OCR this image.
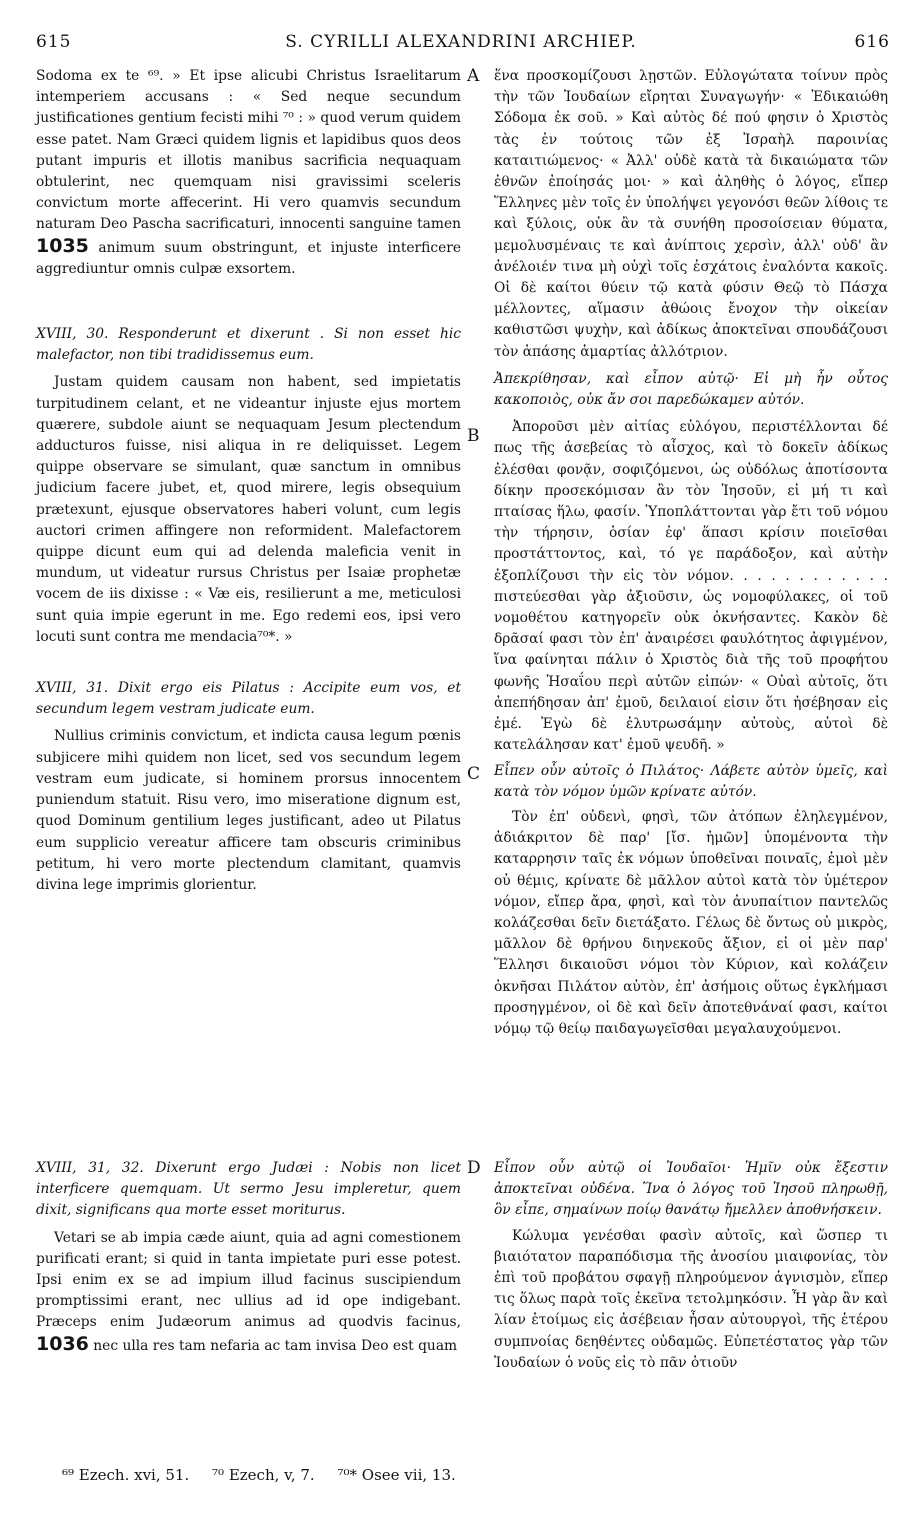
615	S. CYRILLI ALEXANDRINI ARCHIEP.	616
A
B
C
D

Sodoma ex te ⁶⁹. » Et ipse alicubi Christus Israelitarum intemperiem accusans : « Sed neque secundum justificationes gentium fecisti mihi ⁷⁰ : » quod verum quidem esse patet. Nam Græci quidem lignis et lapidibus quos deos putant impuris et illotis manibus sacrificia nequaquam obtulerint, nec quemquam nisi gravissimi sceleris convictum morte affecerint. Hi vero quamvis secundum naturam Deo Pascha sacrificaturi, innocenti sanguine tamen 1035 animum suum obstringunt, et injuste interficere aggrediuntur omnis culpæ exsortem.

XVIII, 30. Responderunt et dixerunt . Si non esset hic malefactor, non tibi tradidissemus eum.

Justam quidem causam non habent, sed impietatis turpitudinem celant, et ne videantur injuste ejus mortem quærere, subdole aiunt se nequaquam Jesum plectendum adducturos fuisse, nisi aliqua in re deliquisset. Legem quippe observare se simulant, quæ sanctum in omnibus judicium facere jubet, et, quod mirere, legis obsequium prætexunt, ejusque observatores haberi volunt, cum legis auctori crimen affingere non reformident. Malefactorem quippe dicunt eum qui ad delenda maleficia venit in mundum, ut videatur rursus Christus per Isaiæ prophetæ vocem de iis dixisse : « Væ eis, resilierunt a me, meticulosi sunt quia impie egerunt in me. Ego redemi eos, ipsi vero locuti sunt contra me mendacia⁷⁰*. »

XVIII, 31. Dixit ergo eis Pilatus : Accipite eum vos, et secundum legem vestram judicate eum.

Nullius criminis convictum, et indicta causa legum pœnis subjicere mihi quidem non licet, sed vos secundum legem vestram eum judicate, si hominem prorsus innocentem puniendum statuit. Risu vero, imo miseratione dignum est, quod Dominum gentilium leges justificant, adeo ut Pilatus eum supplicio vereatur afficere tam obscuris criminibus petitum, hi vero morte plectendum clamitant, quamvis divina lege imprimis glorientur.

XVIII, 31, 32. Dixerunt ergo Judæi : Nobis non licet interficere quemquam. Ut sermo Jesu impleretur, quem dixit, significans qua morte esset moriturus.

Vetari se ab impia cæde aiunt, quia ad agni comestionem purificati erant; si quid in tanta impietate puri esse potest. Ipsi enim ex se ad impium illud facinus suscipiendum promptissimi erant, nec ullius ad id ope indigebant. Præceps enim Judæorum animus ad quodvis facinus, 1036 nec ulla res tam nefaria ac tam invisa Deo est quam

ἕνα προσκομίζουσι λῃστῶν. Εὐλογώτατα τοίνυν πρὸς τὴν τῶν Ἰουδαίων εἴρηται Συναγωγήν· « Ἐδικαιώθη Σόδομα ἐκ σοῦ. » Καὶ αὐτὸς δέ πού φησιν ὁ Χριστὸς τὰς ἐν τούτοις τῶν ἐξ Ἰσραὴλ παροινίας καταιτιώμενος· « Ἀλλ' οὐδὲ κατὰ τὰ δικαιώματα τῶν ἐθνῶν ἐποίησάς μοι· » καὶ ἀληθὴς ὁ λόγος, εἴπερ Ἕλληνες μὲν τοῖς ἐν ὑπολήψει γεγονόσι θεῶν λίθοις τε καὶ ξύλοις, οὐκ ἂν τὰ συνήθη προσοίσειαν θύματα, μεμολυσμέναις τε καὶ ἀνίπτοις χερσὶν, ἀλλ' οὐδ' ἂν ἀνέλοιέν τινα μὴ οὐχὶ τοῖς ἐσχάτοις ἐναλόντα κακοῖς. Οἱ δὲ καίτοι θύειν τῷ κατὰ φύσιν Θεῷ τὸ Πάσχα μέλλοντες, αἵμασιν ἀθώοις ἔνοχον τὴν οἰκείαν καθιστῶσι ψυχὴν, καὶ ἀδίκως ἀποκτεῖναι σπουδάζουσι τὸν ἁπάσης ἁμαρτίας ἀλλότριον.

Ἀπεκρίθησαν, καὶ εἶπον αὐτῷ· Εἰ μὴ ἦν οὗτος κακοποιὸς, οὐκ ἄν σοι παρεδώκαμεν αὐτόν.

Ἀποροῦσι μὲν αἰτίας εὐλόγου, περιστέλλονται δέ πως τῆς ἀσεβείας τὸ αἶσχος, καὶ τὸ δοκεῖν ἀδίκως ἐλέσθαι φονᾷν, σοφιζόμενοι, ὡς οὐδόλως ἀποτίσοντα δίκην προσεκόμισαν ἂν τὸν Ἰησοῦν, εἰ μή τι καὶ πταίσας ἥλω, φασίν. Ὑποπλάττονται γὰρ ἔτι τοῦ νόμου τὴν τήρησιν, ὁσίαν ἐφ' ἅπασι κρίσιν ποιεῖσθαι προστάττοντος, καὶ, τό γε παράδοξον, καὶ αὐτὴν ἐξοπλίζουσι τὴν εἰς τὸν νόμον. . . . . . . . . . . . πιστεύεσθαι γὰρ ἀξιοῦσιν, ὡς νομοφύλακες, οἱ τοῦ νομοθέτου κατηγορεῖν οὐκ ὀκνήσαντες. Κακὸν δὲ δρᾶσαί φασι τὸν ἐπ' ἀναιρέσει φαυλότητος ἀφιγμένον, ἵνα φαίνηται πάλιν ὁ Χριστὸς διὰ τῆς τοῦ προφήτου φωνῆς Ἡσαΐου περὶ αὐτῶν εἰπών· « Οὐαὶ αὐτοῖς, ὅτι ἀπεπήδησαν ἀπ' ἐμοῦ, δειλαιοί εἰσιν ὅτι ἠσέβησαν εἰς ἐμέ. Ἐγὼ δὲ ἐλυτρωσάμην αὐτοὺς, αὐτοὶ δὲ κατελάλησαν κατ' ἐμοῦ ψευδῆ. »

Εἶπεν οὖν αὐτοῖς ὁ Πιλάτος· Λάβετε αὐτὸν ὑμεῖς, καὶ κατὰ τὸν νόμον ὑμῶν κρίνατε αὐτόν.

Τὸν ἐπ' οὐδενὶ, φησὶ, τῶν ἀτόπων ἐληλεγμένον, ἀδιάκριτον δὲ παρ' [ἴσ. ἡμῶν] ὑπομένοντα τὴν καταρρησιν ταῖς ἐκ νόμων ὑποθεῖναι ποιναῖς, ἐμοὶ μὲν οὐ θέμις, κρίνατε δὲ μᾶλλον αὐτοὶ κατὰ τὸν ὑμέτερον νόμον, εἴπερ ἄρα, φησὶ, καὶ τὸν ἀνυπαίτιον παντελῶς κολάζεσθαι δεῖν διετάξατο. Γέλως δὲ ὄντως οὐ μικρὸς, μᾶλλον δὲ θρήνου διηνεκοῦς ἄξιον, εἰ οἱ μὲν παρ' Ἕλλησι δικαιοῦσι νόμοι τὸν Κύριον, καὶ κολάζειν ὀκνῆσαι Πιλάτον αὐτὸν, ἐπ' ἀσήμοις οὕτως ἐγκλήμασι προσηγμένον, οἱ δὲ καὶ δεῖν ἀποτεθνάναί φασι, καίτοι νόμῳ τῷ θείῳ παιδαγωγεῖσθαι μεγαλαυχούμενοι.

Εἶπον οὖν αὐτῷ οἱ Ἰουδαῖοι· Ἡμῖν οὐκ ἔξεστιν ἀποκτεῖναι οὐδένα. Ἵνα ὁ λόγος τοῦ Ἰησοῦ πληρωθῇ, ὃν εἶπε, σημαίνων ποίῳ θανάτῳ ἤμελλεν ἀποθνήσκειν.

Κώλυμα γενέσθαι φασὶν αὐτοῖς, καὶ ὥσπερ τι βιαιότατον παραπόδισμα τῆς ἀνοσίου μιαιφονίας, τὸν ἐπὶ τοῦ προβάτου σφαγῇ πληρούμενον ἁγνισμὸν, εἴπερ τις ὅλως παρὰ τοῖς ἐκεῖνα τετολμηκόσιν. Ἦ γὰρ ἂν καὶ λίαν ἑτοίμως εἰς ἀσέβειαν ἦσαν αὐτουργοὶ, τῆς ἑτέρου συμπνοίας δεηθέντες οὐδαμῶς. Εὐπετέστατος γὰρ τῶν Ἰουδαίων ὁ νοῦς εἰς τὸ πᾶν ὁτιοῦν

⁶⁹ Ezech. xvi, 51. ⁷⁰ Ezech, v, 7. ⁷⁰* Osee vii, 13.
